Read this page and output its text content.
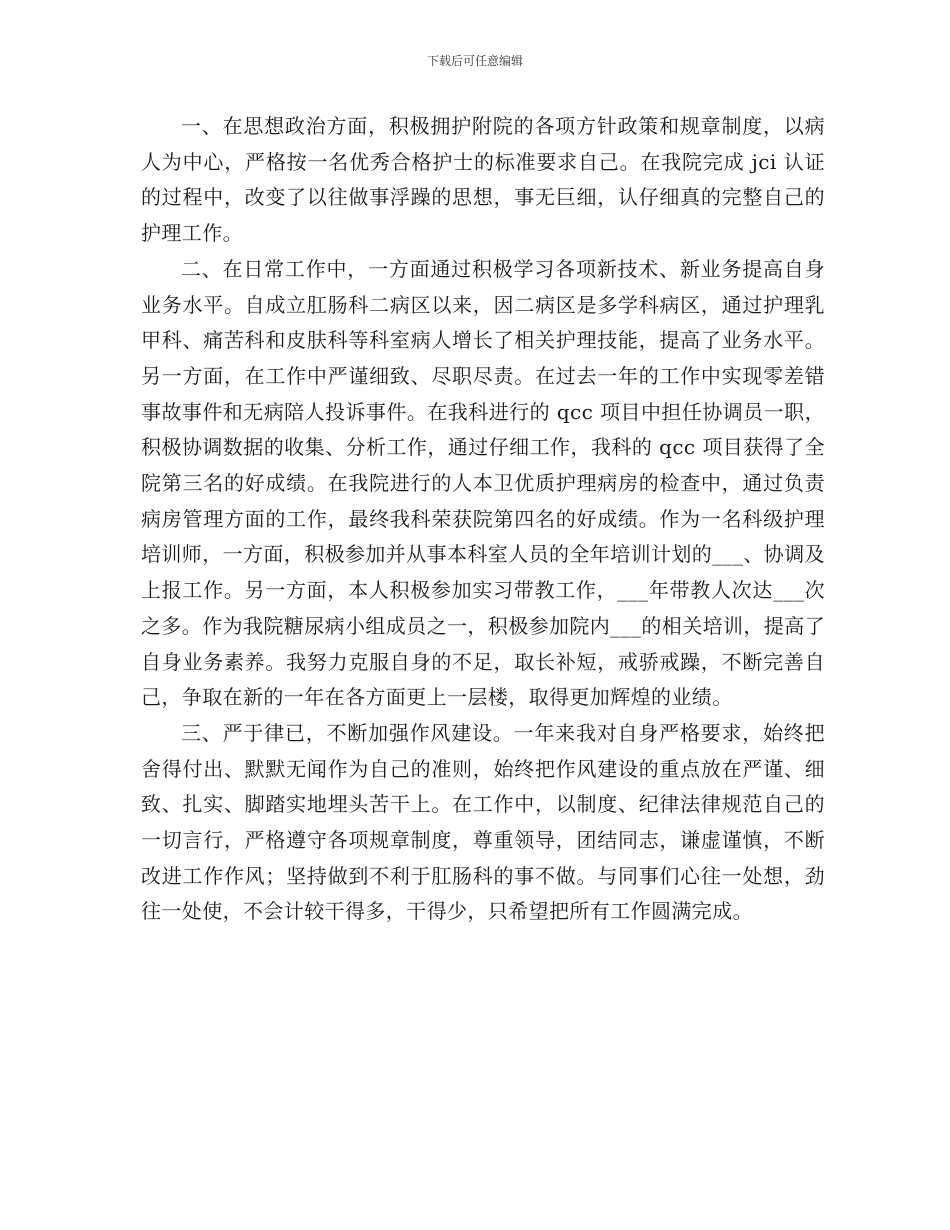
下载后可任意编辑

一、在思想政治方面，积极拥护附院的各项方针政策和规章制度，以病人为中心，严格按一名优秀合格护士的标准要求自己。在我院完成 jci 认证的过程中，改变了以往做事浮躁的思想，事无巨细，认仔细真的完整自己的护理工作。

二、在日常工作中，一方面通过积极学习各项新技术、新业务提高自身业务水平。自成立肛肠科二病区以来，因二病区是多学科病区，通过护理乳甲科、痛苦科和皮肤科等科室病人增长了相关护理技能，提高了业务水平。另一方面，在工作中严谨细致、尽职尽责。在过去一年的工作中实现零差错事故事件和无病陪人投诉事件。在我科进行的 qcc 项目中担任协调员一职，积极协调数据的收集、分析工作，通过仔细工作，我科的 qcc 项目获得了全院第三名的好成绩。在我院进行的人本卫优质护理病房的检查中，通过负责病房管理方面的工作，最终我科荣获院第四名的好成绩。作为一名科级护理培训师，一方面，积极参加并从事本科室人员的全年培训计划的___、协调及上报工作。另一方面，本人积极参加实习带教工作，___年带教人次达___次之多。作为我院糖尿病小组成员之一，积极参加院内___的相关培训，提高了自身业务素养。我努力克服自身的不足，取长补短，戒骄戒躁，不断完善自己，争取在新的一年在各方面更上一层楼，取得更加辉煌的业绩。

三、严于律已，不断加强作风建设。一年来我对自身严格要求，始终把舍得付出、默默无闻作为自己的准则，始终把作风建设的重点放在严谨、细致、扎实、脚踏实地埋头苦干上。在工作中，以制度、纪律法律规范自己的一切言行，严格遵守各项规章制度，尊重领导，团结同志，谦虚谨慎，不断改进工作作风；坚持做到不利于肛肠科的事不做。与同事们心往一处想，劲往一处使，不会计较干得多，干得少，只希望把所有工作圆满完成。
